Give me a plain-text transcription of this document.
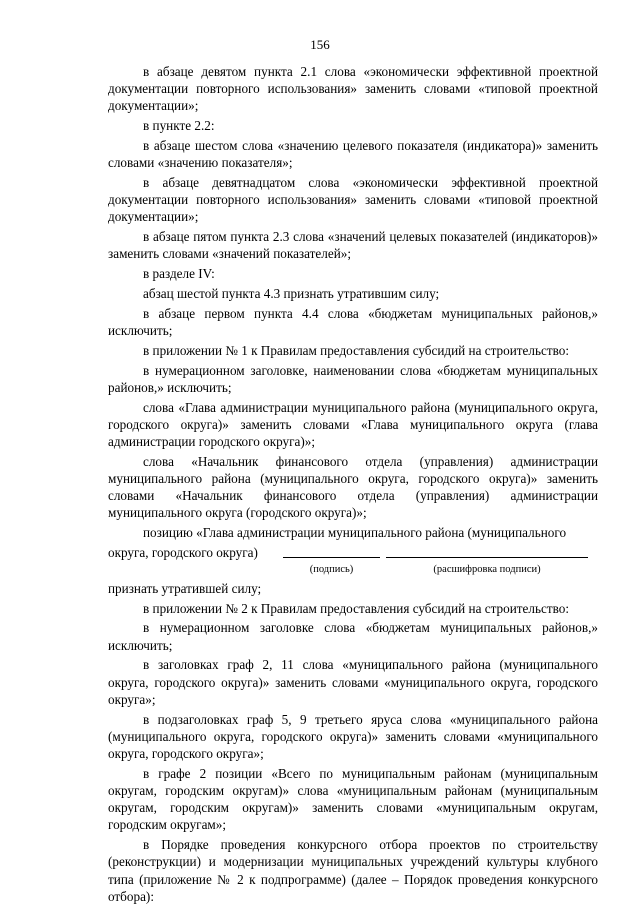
156

в абзаце девятом пункта 2.1 слова «экономически эффективной проектной документации повторного использования» заменить словами «типовой проектной документации»;

в пункте 2.2:

в абзаце шестом слова «значению целевого показателя (индикатора)» заменить словами «значению показателя»;

в абзаце девятнадцатом слова «экономически эффективной проектной документации повторного использования» заменить словами «типовой проектной документации»;

в абзаце пятом пункта 2.3 слова «значений целевых показателей (индикаторов)» заменить словами «значений показателей»;

в разделе IV:

абзац шестой пункта 4.3 признать утратившим силу;

в абзаце первом пункта 4.4 слова «бюджетам муниципальных районов,» исключить;

в приложении № 1 к Правилам предоставления субсидий на строительство:

в нумерационном заголовке, наименовании слова «бюджетам муниципальных районов,» исключить;

слова «Глава администрации муниципального района (муниципального округа, городского округа)» заменить словами «Глава муниципального округа (глава администрации городского округа)»;

слова «Начальник финансового отдела (управления) администрации муниципального района (муниципального округа, городского округа)» заменить словами «Начальник финансового отдела (управления) администрации муниципального округа (городского округа)»;

позицию «Глава администрации муниципального района (муниципального

округа, городского округа)
(подпись)	(расшифровка подписи)

признать утратившей силу;

в приложении № 2 к Правилам предоставления субсидий на строительство:

в нумерационном заголовке слова «бюджетам муниципальных районов,» исключить;

в заголовках граф 2, 11 слова «муниципального района (муниципального округа, городского округа)» заменить словами «муниципального округа, городского округа»;

в подзаголовках граф 5, 9 третьего яруса слова «муниципального района (муниципального округа, городского округа)» заменить словами «муниципального округа, городского округа»;

в графе 2 позиции «Всего по муниципальным районам (муниципальным округам, городским округам)» слова «муниципальным районам (муниципальным округам, городским округам)» заменить словами «муниципальным округам, городским округам»;

в Порядке проведения конкурсного отбора проектов по строительству (реконструкции) и модернизации муниципальных учреждений культуры клубного типа (приложение № 2 к подпрограмме) (далее – Порядок проведения конкурсного отбора):
